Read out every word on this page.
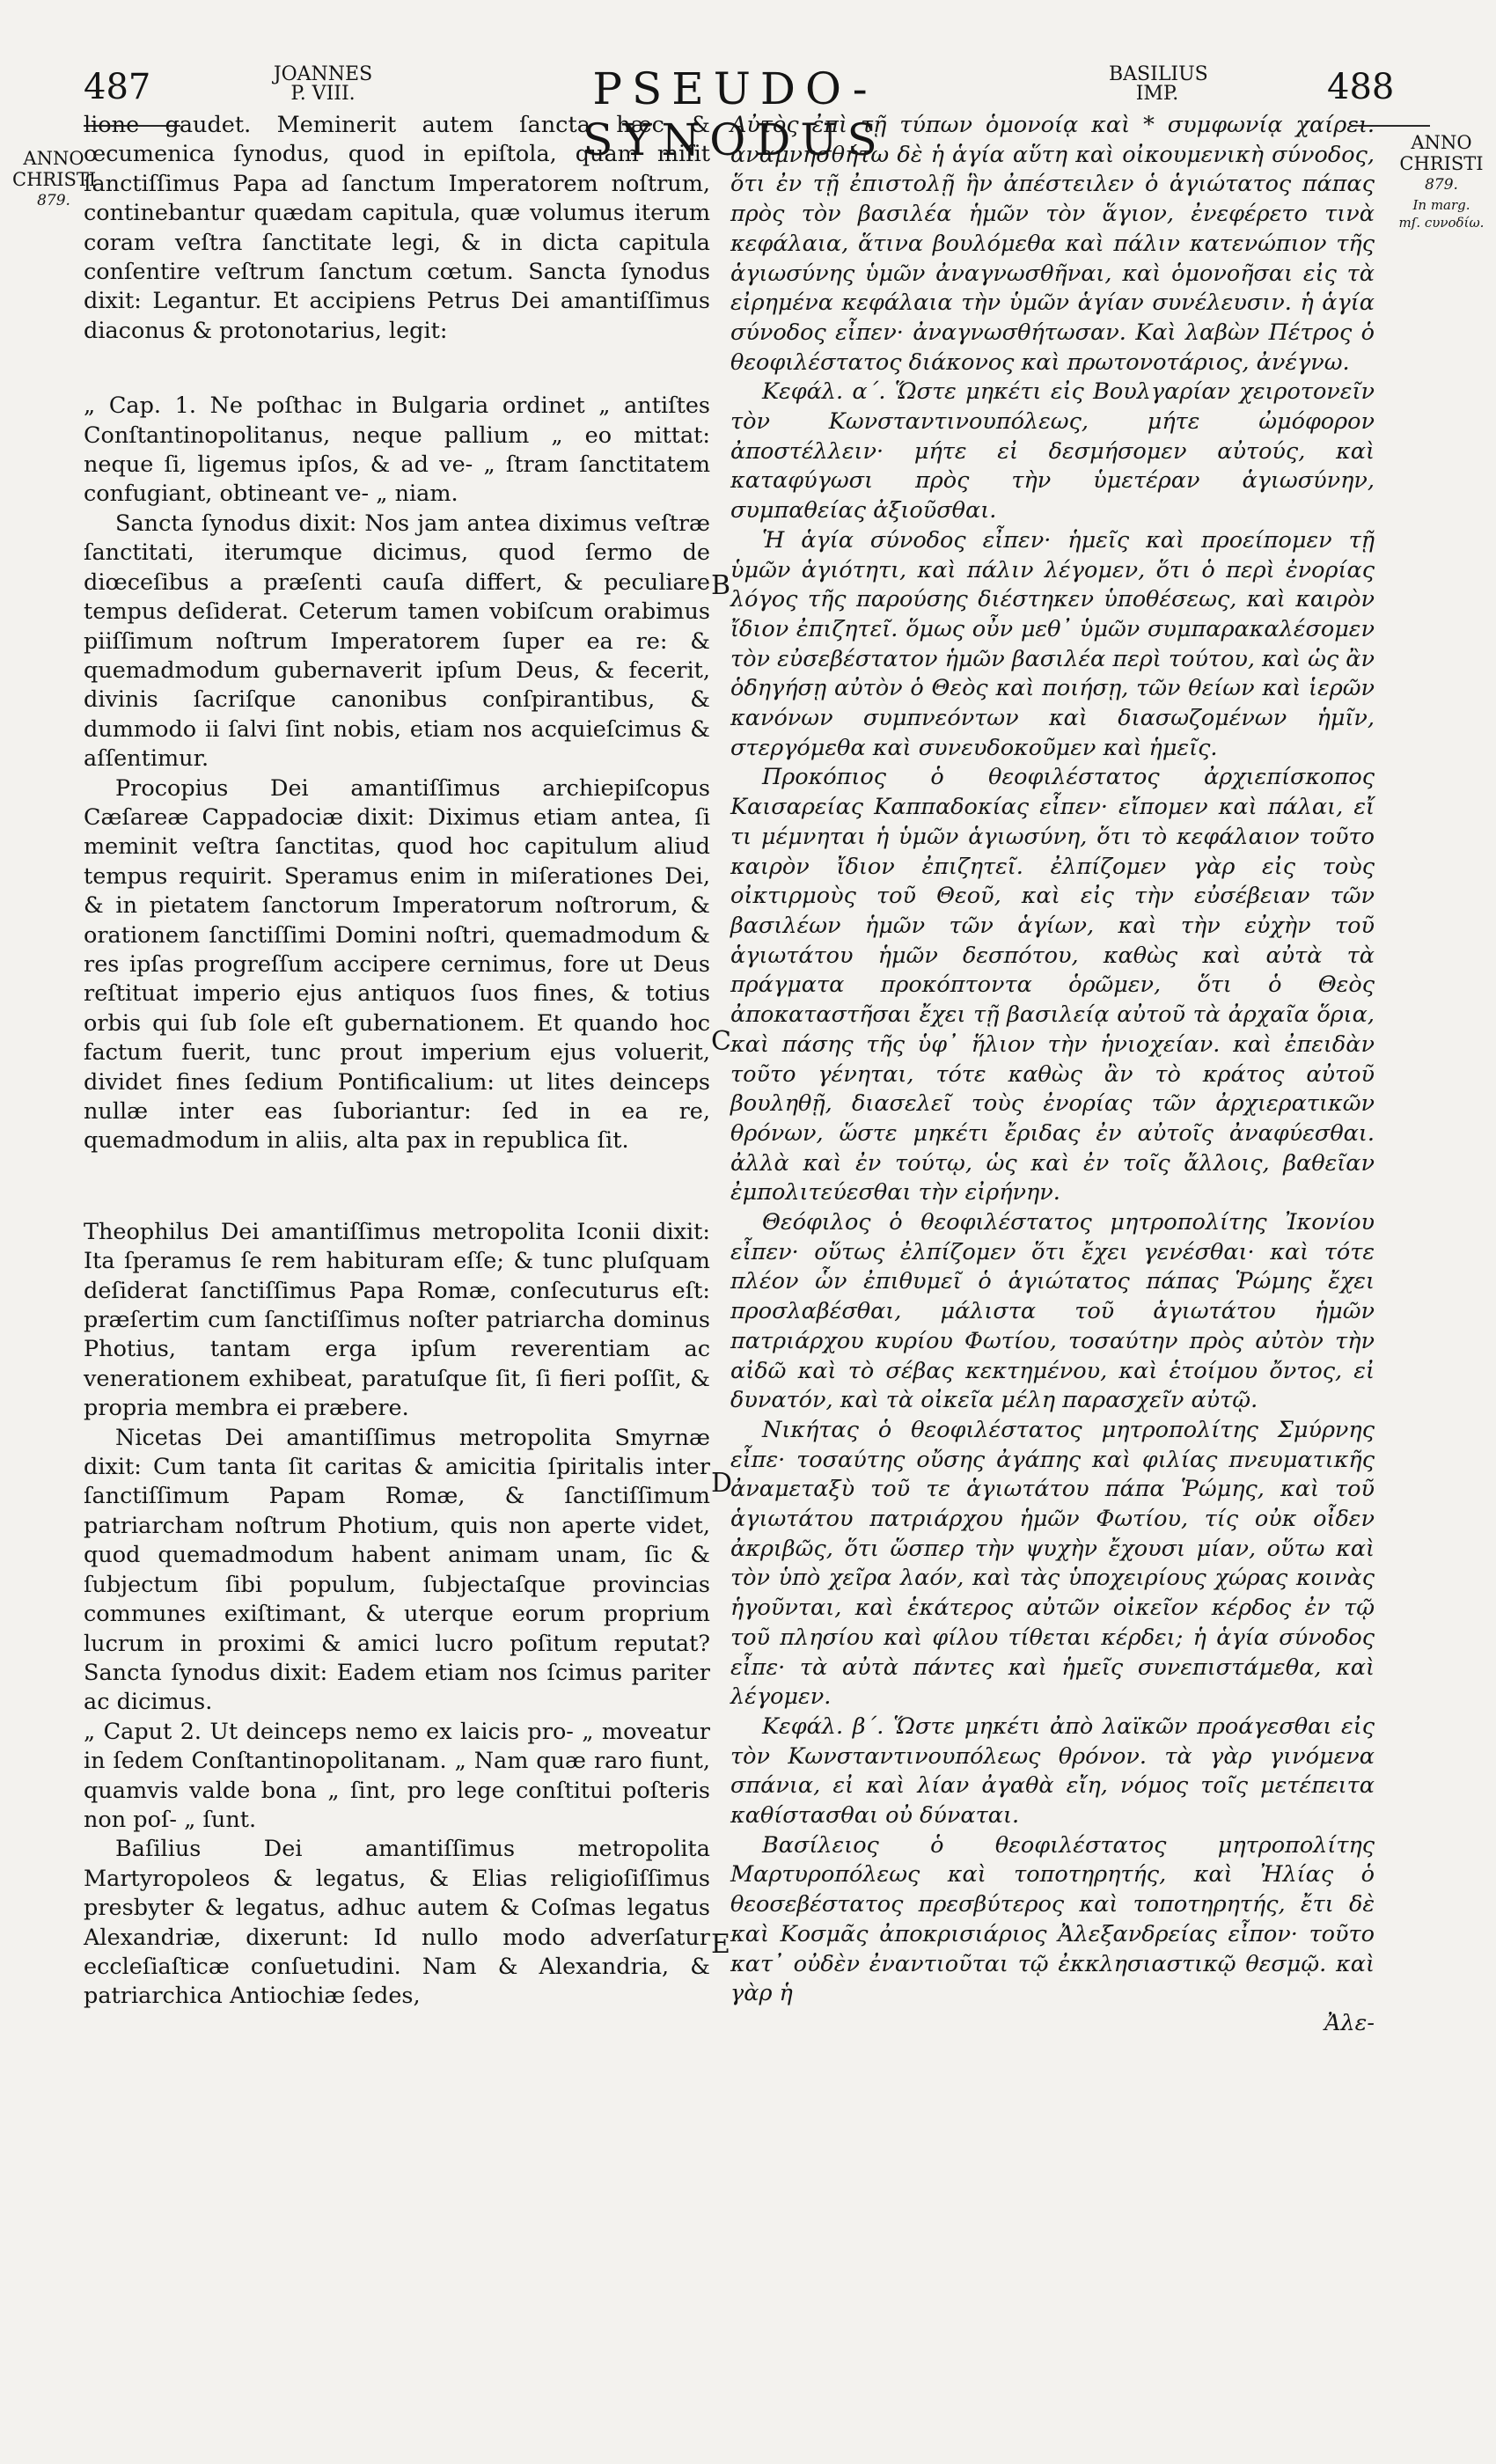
487	JOANNES
P. VIII.	PSEUDO-SYNODUS
BASILIUS
IMP.	488
ANNO
CHRISTI
879.
ANNO
CHRISTI
879.
In marg.
mſ. ϲυνοδίω.

lione gaudet. Meminerit autem ſancta hæc & œcumenica ſynodus, quod in epiſtola, quam miſit ſanctiſſimus Papa ad ſanctum Imperatorem noſtrum, continebantur quædam capitula, quæ volumus iterum coram veſtra ſanctitate legi, & in dicta capitula conſentire veſtrum ſanctum cœtum. Sancta ſynodus dixit: Legantur. Et accipiens Petrus Dei amantiſſimus diaconus & protonotarius, legit:

„ Cap. 1. Ne poſthac in Bulgaria ordinet „ antiſtes Conſtantinopolitanus, neque pallium „ eo mittat: neque ſi, ligemus ipſos, & ad ve- „ ſtram ſanctitatem confugiant, obtineant ve- „ niam.

Sancta ſynodus dixit: Nos jam antea diximus veſtræ ſanctitati, iterumque dicimus, quod ſermo de diœceſibus a præſenti cauſa differt, & peculiare tempus deſiderat. Ceterum tamen vobiſcum orabimus piiſſimum noſtrum Imperatorem ſuper ea re: & quemadmodum gubernaverit ipſum Deus, & fecerit, divinis ſacriſque canonibus conſpirantibus, & dummodo ii ſalvi ſint nobis, etiam nos acquieſcimus & aſſentimur.

Procopius Dei amantiſſimus archiepiſcopus Cæſareæ Cappadociæ dixit: Diximus etiam antea, ſi meminit veſtra ſanctitas, quod hoc capitulum aliud tempus requirit. Speramus enim in miſerationes Dei, & in pietatem ſanctorum Imperatorum noſtrorum, & orationem ſanctiſſimi Domini noſtri, quemadmodum & res ipſas progreſſum accipere cernimus, fore ut Deus reſtituat imperio ejus antiquos ſuos fines, & totius orbis qui ſub ſole eſt gubernationem. Et quando hoc factum fuerit, tunc prout imperium ejus voluerit, dividet fines ſedium Pontificalium: ut lites deinceps nullæ inter eas ſuboriantur: ſed in ea re, quemadmodum in aliis, alta pax in republica ſit.

Theophilus Dei amantiſſimus metropolita Iconii dixit: Ita ſperamus ſe rem habituram eſſe; & tunc pluſquam deſiderat ſanctiſſimus Papa Romæ, conſecuturus eſt: præſertim cum ſanctiſſimus noſter patriarcha dominus Photius, tantam erga ipſum reverentiam ac venerationem exhibeat, paratuſque ſit, ſi fieri poſſit, & propria membra ei præbere.

Nicetas Dei amantiſſimus metropolita Smyrnæ dixit: Cum tanta ſit caritas & amicitia ſpiritalis inter ſanctiſſimum Papam Romæ, & ſanctiſſimum patriarcham noſtrum Photium, quis non aperte videt, quod quemadmodum habent animam unam, ſic & ſubjectum ſibi populum, ſubjectaſque provincias communes exiſtimant, & uterque eorum proprium lucrum in proximi & amici lucro poſitum reputat? Sancta ſynodus dixit: Eadem etiam nos ſcimus pariter ac dicimus.

„ Caput 2. Ut deinceps nemo ex laicis pro- „ moveatur in ſedem Conſtantinopolitanam. „ Nam quæ raro fiunt, quamvis valde bona „ ſint, pro lege conſtitui poſteris non poſ- „ ſunt.

Baſilius Dei amantiſſimus metropolita Martyropoleos & legatus, & Elias religioſiſſimus presbyter & legatus, adhuc autem & Coſmas legatus Alexandriæ, dixerunt: Id nullo modo adverſatur eccleſiaſticæ conſuetudini. Nam & Alexandria, & patriarchica Antiochiæ ſedes,

B
C
D
E

Αὐτὸς ἐπὶ τῇ τύπων ὁμονοίᾳ καὶ * συμφωνίᾳ χαίρει. ἀναμνησθήτω δὲ ἡ ἁγία αὕτη καὶ οἰκουμενικὴ σύνοδος, ὅτι ἐν τῇ ἐπιστολῇ ἣν ἀπέστειλεν ὁ ἁγιώτατος πάπας πρὸς τὸν βασιλέα ἡμῶν τὸν ἅγιον, ἐνεφέρετο τινὰ κεφάλαια, ἅτινα βουλόμεθα καὶ πάλιν κατενώπιον τῆς ἁγιωσύνης ὑμῶν ἀναγνωσθῆναι, καὶ ὁμονοῆσαι εἰς τὰ εἰρημένα κεφάλαια τὴν ὑμῶν ἁγίαν συνέλευσιν. ἡ ἁγία σύνοδος εἶπεν· ἀναγνωσθήτωσαν. Καὶ λαβὼν Πέτρος ὁ θεοφιλέστατος διάκονος καὶ πρωτονοτάριος, ἀνέγνω.

Κεφάλ. α΄. Ὥστε μηκέτι εἰς Βουλγαρίαν χειροτονεῖν τὸν Κωνσταντινουπόλεως, μήτε ὠμόφορον ἀποστέλλειν· μήτε εἰ δεσμήσομεν αὐτούς, καὶ καταφύγωσι πρὸς τὴν ὑμετέραν ἁγιωσύνην, συμπαθείας ἀξιοῦσθαι.

Ἡ ἁγία σύνοδος εἶπεν· ἡμεῖς καὶ προείπομεν τῇ ὑμῶν ἁγιότητι, καὶ πάλιν λέγομεν, ὅτι ὁ περὶ ἐνορίας λόγος τῆς παρούσης διέστηκεν ὑποθέσεως, καὶ καιρὸν ἴδιον ἐπιζητεῖ. ὅμως οὖν μεθ᾽ ὑμῶν συμπαρακαλέσομεν τὸν εὐσεβέστατον ἡμῶν βασιλέα περὶ τούτου, καὶ ὡς ἂν ὁδηγήσῃ αὐτὸν ὁ Θεὸς καὶ ποιήσῃ, τῶν θείων καὶ ἱερῶν κανόνων συμπνεόντων καὶ διασωζομένων ἡμῖν, στεργόμεθα καὶ συνευδοκοῦμεν καὶ ἡμεῖς.

Προκόπιος ὁ θεοφιλέστατος ἀρχιεπίσκοπος Καισαρείας Καππαδοκίας εἶπεν· εἴπομεν καὶ πάλαι, εἴ τι μέμνηται ἡ ὑμῶν ἁγιωσύνη, ὅτι τὸ κεφάλαιον τοῦτο καιρὸν ἴδιον ἐπιζητεῖ. ἐλπίζομεν γὰρ εἰς τοὺς οἰκτιρμοὺς τοῦ Θεοῦ, καὶ εἰς τὴν εὐσέβειαν τῶν βασιλέων ἡμῶν τῶν ἁγίων, καὶ τὴν εὐχὴν τοῦ ἁγιωτάτου ἡμῶν δεσπότου, καθὼς καὶ αὐτὰ τὰ πράγματα προκόπτοντα ὁρῶμεν, ὅτι ὁ Θεὸς ἀποκαταστῆσαι ἔχει τῇ βασιλείᾳ αὐτοῦ τὰ ἀρχαῖα ὅρια, καὶ πάσης τῆς ὑφ᾽ ἥλιον τὴν ἡνιοχείαν. καὶ ἐπειδὰν τοῦτο γένηται, τότε καθὼς ἂν τὸ κράτος αὐτοῦ βουληθῇ, διασελεῖ τοὺς ἐνορίας τῶν ἀρχιερατικῶν θρόνων, ὥστε μηκέτι ἔριδας ἐν αὐτοῖς ἀναφύεσθαι. ἀλλὰ καὶ ἐν τούτῳ, ὡς καὶ ἐν τοῖς ἄλλοις, βαθεῖαν ἐμπολιτεύεσθαι τὴν εἰρήνην.

Θεόφιλος ὁ θεοφιλέστατος μητροπολίτης Ἰκονίου εἶπεν· οὕτως ἐλπίζομεν ὅτι ἔχει γενέσθαι· καὶ τότε πλέον ὧν ἐπιθυμεῖ ὁ ἁγιώτατος πάπας Ῥώμης ἔχει προσλαβέσθαι, μάλιστα τοῦ ἁγιωτάτου ἡμῶν πατριάρχου κυρίου Φωτίου, τοσαύτην πρὸς αὐτὸν τὴν αἰδῶ καὶ τὸ σέβας κεκτημένου, καὶ ἑτοίμου ὄντος, εἰ δυνατόν, καὶ τὰ οἰκεῖα μέλη παρασχεῖν αὐτῷ.

Νικήτας ὁ θεοφιλέστατος μητροπολίτης Σμύρνης εἶπε· τοσαύτης οὔσης ἀγάπης καὶ φιλίας πνευματικῆς ἀναμεταξὺ τοῦ τε ἁγιωτάτου πάπα Ῥώμης, καὶ τοῦ ἁγιωτάτου πατριάρχου ἡμῶν Φωτίου, τίς οὐκ οἶδεν ἀκριβῶς, ὅτι ὥσπερ τὴν ψυχὴν ἔχουσι μίαν, οὕτω καὶ τὸν ὑπὸ χεῖρα λαόν, καὶ τὰς ὑποχειρίους χώρας κοινὰς ἡγοῦνται, καὶ ἑκάτερος αὐτῶν οἰκεῖον κέρδος ἐν τῷ τοῦ πλησίου καὶ φίλου τίθεται κέρδει; ἡ ἁγία σύνοδος εἶπε· τὰ αὐτὰ πάντες καὶ ἡμεῖς συνεπιστάμεθα, καὶ λέγομεν.

Κεφάλ. β΄. Ὥστε μηκέτι ἀπὸ λαϊκῶν προάγεσθαι εἰς τὸν Κωνσταντινουπόλεως θρόνον. τὰ γὰρ γινόμενα σπάνια, εἰ καὶ λίαν ἀγαθὰ εἴη, νόμος τοῖς μετέπειτα καθίστασθαι οὐ δύναται.

Βασίλειος ὁ θεοφιλέστατος μητροπολίτης Μαρτυροπόλεως καὶ τοποτηρητής, καὶ Ἠλίας ὁ θεοσεβέστατος πρεσβύτερος καὶ τοποτηρητής, ἔτι δὲ καὶ Κοσμᾶς ἀποκρισιάριος Ἀλεξανδρείας εἶπον· τοῦτο κατ᾽ οὐδὲν ἐναντιοῦται τῷ ἐκκλησιαστικῷ θεσμῷ. καὶ γὰρ ἡ

Ἀλε-
